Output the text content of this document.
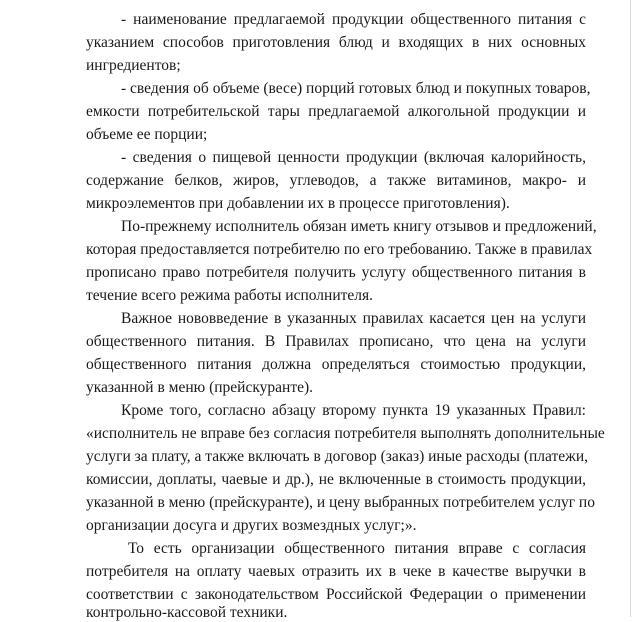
- наименование предлагаемой продукции общественного питания с
указанием способов приготовления блюд и входящих в них основных
ингредиентов;
- сведения об объеме (весе) порций готовых блюд и покупных товаров,
емкости потребительской тары предлагаемой алкогольной продукции и
объеме ее порции;
- сведения о пищевой ценности продукции (включая калорийность,
содержание белков, жиров, углеводов, а также витаминов, макро- и
микроэлементов при добавлении их в процессе приготовления).
По-прежнему исполнитель обязан иметь книгу отзывов и предложений,
которая предоставляется потребителю по его требованию. Также в правилах
прописано право потребителя получить услугу общественного питания в
течение всего режима работы исполнителя.
Важное нововведение в указанных правилах касается цен на услуги
общественного питания. В Правилах прописано, что цена на услуги
общественного питания должна определяться стоимостью продукции,
указанной в меню (прейскуранте).
Кроме того, согласно абзацу второму пункта 19 указанных Правил:
«исполнитель не вправе без согласия потребителя выполнять дополнительные
услуги за плату, а также включать в договор (заказ) иные расходы (платежи,
комиссии, доплаты, чаевые и др.), не включенные в стоимость продукции,
указанной в меню (прейскуранте), и цену выбранных потребителем услуг по
организации досуга и других возмездных услуг;».
То есть организации общественного питания вправе с согласия
потребителя на оплату чаевых отразить их в чеке в качестве выручки в
соответствии с законодательством Российской Федерации о применении
контрольно-кассовой техники.
